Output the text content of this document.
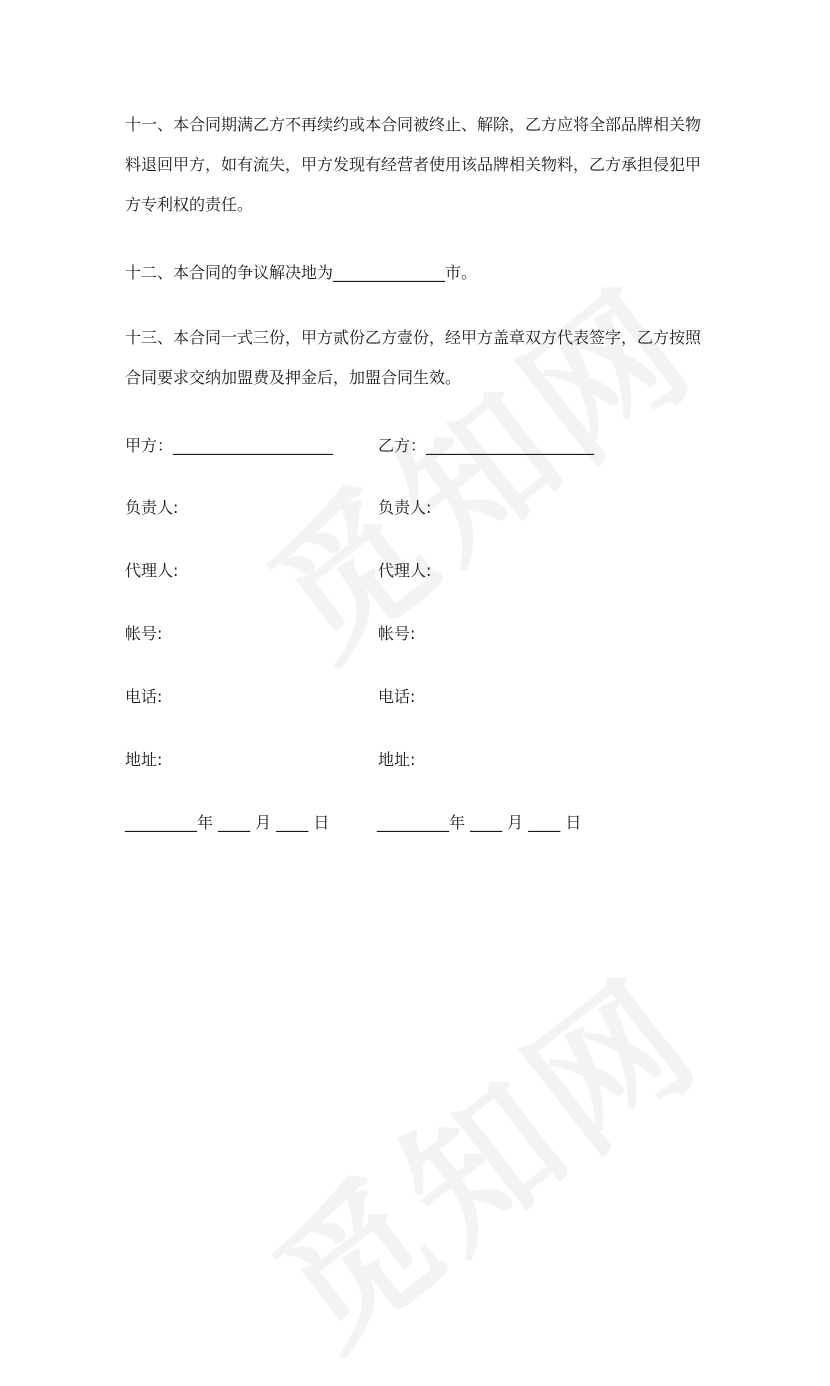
十一、本合同期满乙方不再续约或本合同被终止、解除，乙方应将全部品牌相关物料退回甲方，如有流失，甲方发现有经营者使用该品牌相关物料，乙方承担侵犯甲方专利权的责任。

十二、本合同的争议解决地为______________市。

十三、本合同一式三份，甲方贰份乙方壹份，经甲方盖章双方代表签字，乙方按照合同要求交纳加盟费及押金后，加盟合同生效。

甲方：____________________	乙方：_____________________
负责人:	负责人:
代理人:	代理人:
帐号:	帐号:
电话:	电话:
地址:	地址:
_________年 ____ 月 ____ 日	_________年 ____ 月 ____ 日
